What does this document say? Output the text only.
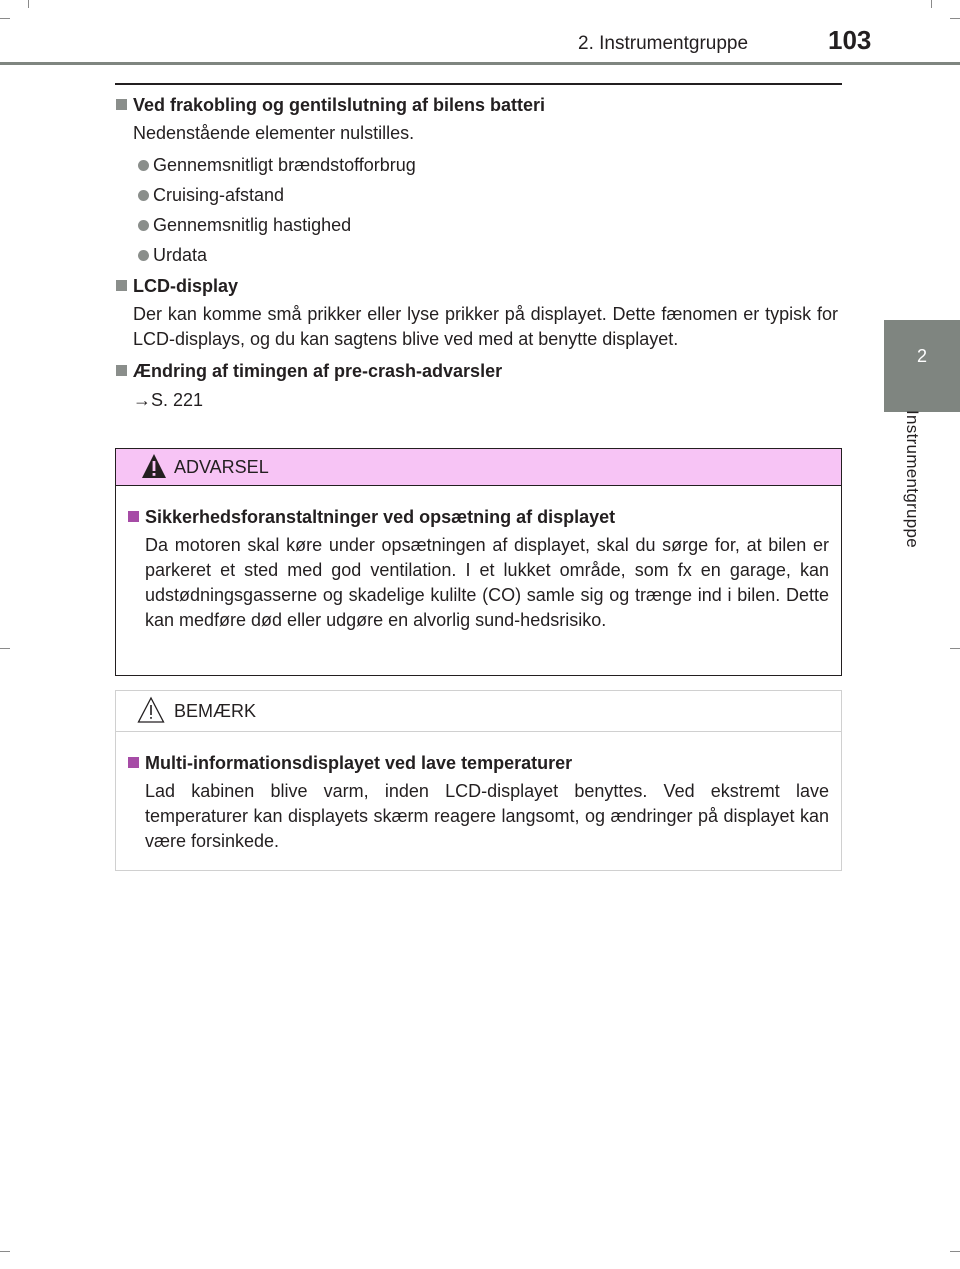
2. Instrumentgruppe	103
2
Instrumentgruppe
Ved frakobling og gentilslutning af bilens batteri
Nedenstående elementer nulstilles.
Gennemsnitligt brændstofforbrug
Cruising-afstand
Gennemsnitlig hastighed
Urdata
LCD-display
Der kan komme små prikker eller lyse prikker på displayet. Dette fænomen er typisk for LCD-displays, og du kan sagtens blive ved med at benytte displayet.
Ændring af timingen af pre-crash-advarsler
→S. 221
ADVARSEL
Sikkerhedsforanstaltninger ved opsætning af displayet
Da motoren skal køre under opsætningen af displayet, skal du sørge for, at bilen er parkeret et sted med god ventilation. I et lukket område, som fx en garage, kan udstødningsgasserne og skadelige kulilte (CO) samle sig og trænge ind i bilen. Dette kan medføre død eller udgøre en alvorlig sund-hedsrisiko.
BEMÆRK
Multi-informationsdisplayet ved lave temperaturer
Lad kabinen blive varm, inden LCD-displayet benyttes. Ved ekstremt lave temperaturer kan displayets skærm reagere langsomt, og ændringer på displayet kan være forsinkede.
